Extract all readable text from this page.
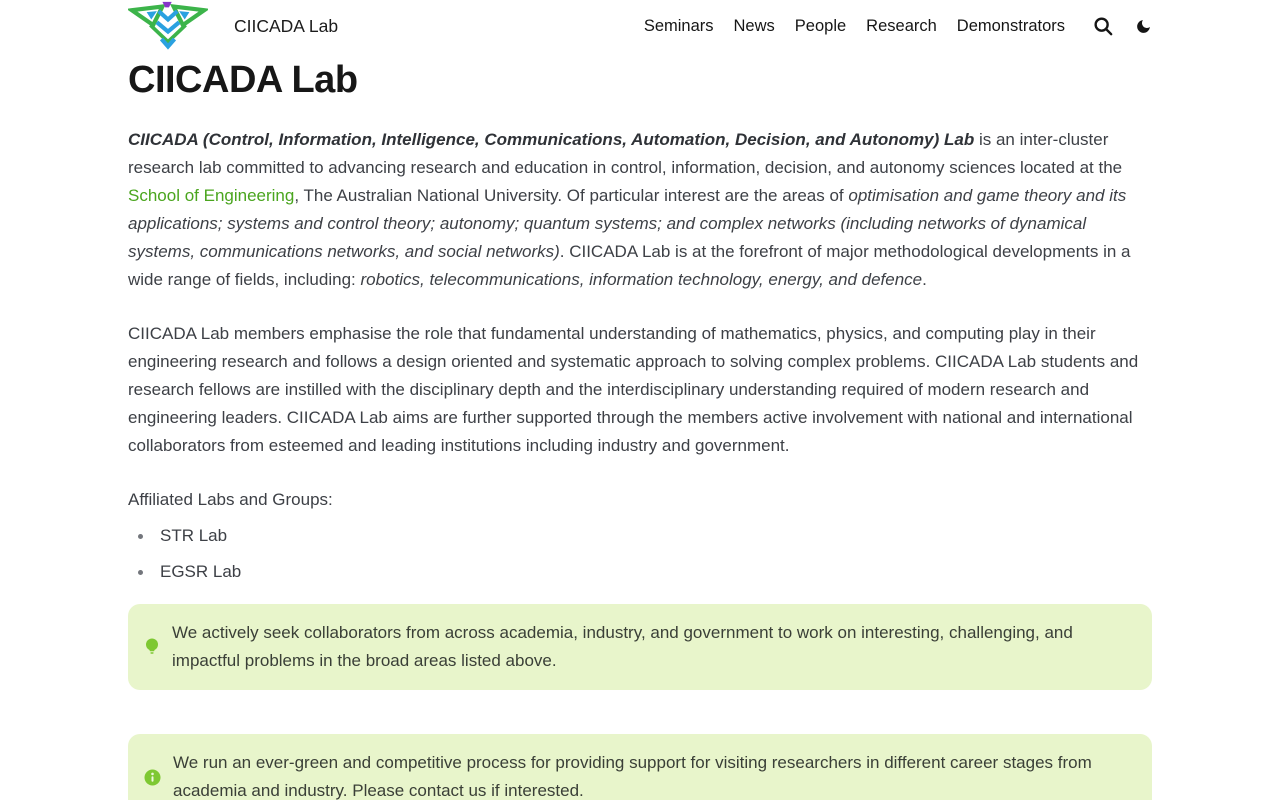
CIICADA Lab	Seminars News People Research Demonstrators
CIICADA Lab

CIICADA (Control, Information, Intelligence, Communications, Automation, Decision, and Autonomy) Lab is an inter-cluster research lab committed to advancing research and education in control, information, decision, and autonomy sciences located at the School of Engineering, The Australian National University. Of particular interest are the areas of optimisation and game theory and its applications; systems and control theory; autonomy; quantum systems; and complex networks (including networks of dynamical systems, communications networks, and social networks). CIICADA Lab is at the forefront of major methodological developments in a wide range of fields, including: robotics, telecommunications, information technology, energy, and defence.

CIICADA Lab members emphasise the role that fundamental understanding of mathematics, physics, and computing play in their engineering research and follows a design oriented and systematic approach to solving complex problems. CIICADA Lab students and research fellows are instilled with the disciplinary depth and the interdisciplinary understanding required of modern research and engineering leaders. CIICADA Lab aims are further supported through the members active involvement with national and international collaborators from esteemed and leading institutions including industry and government.

Affiliated Labs and Groups:

STR Lab
EGSR Lab
We actively seek collaborators from across academia, industry, and government to work on interesting, challenging, and impactful problems in the broad areas listed above.
We run an ever-green and competitive process for providing support for visiting researchers in different career stages from academia and industry. Please contact us if interested.
